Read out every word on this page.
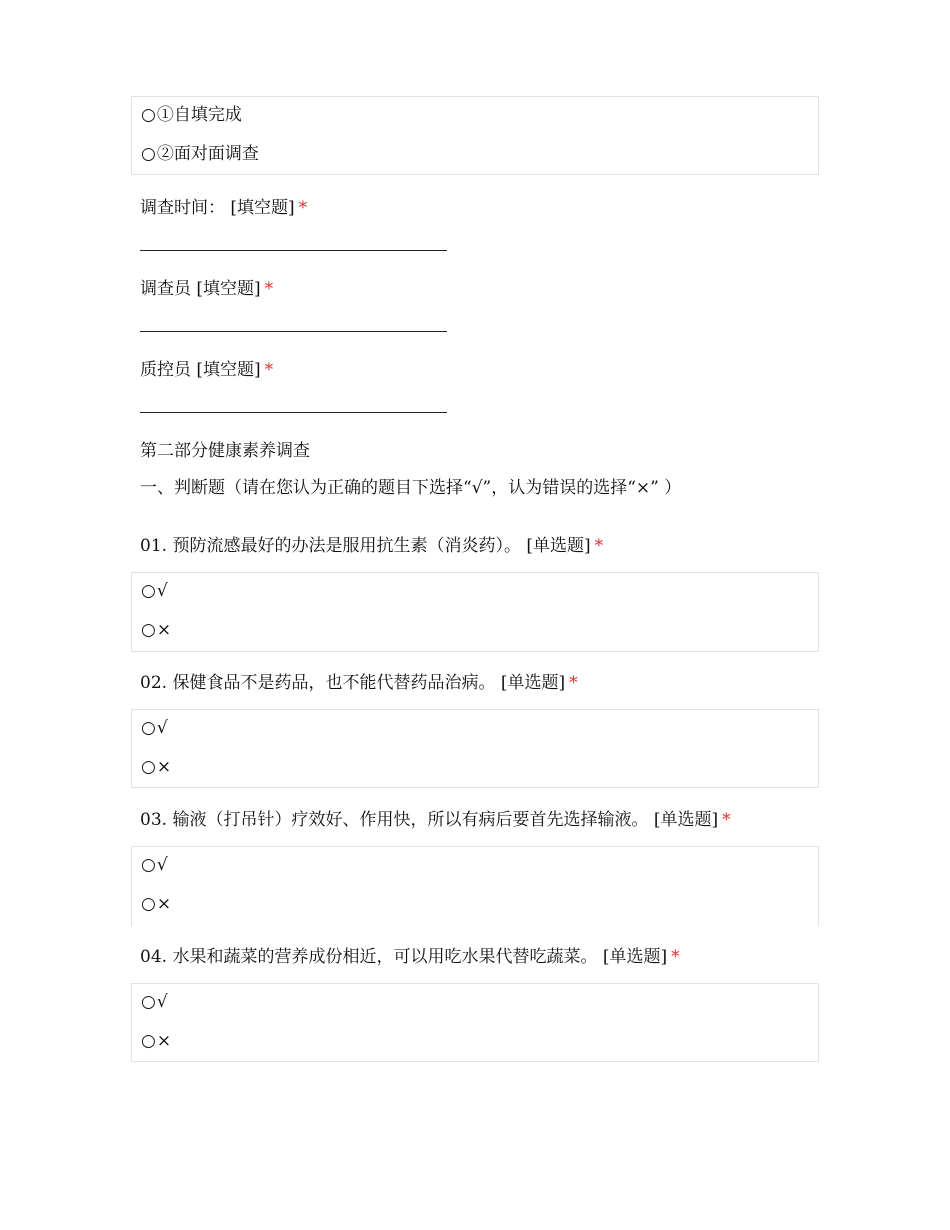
○①自填完成
○②面对面调查
调查时间： [填空题] *
调查员 [填空题] *
质控员 [填空题] *
第二部分健康素养调查
一、判断题（请在您认为正确的题目下选择“√”，认为错误的选择“×” ）
01. 预防流感最好的办法是服用抗生素（消炎药）。 [单选题] *
○√
○×
02. 保健食品不是药品，也不能代替药品治病。 [单选题] *
○√
○×
03. 输液（打吊针）疗效好、作用快，所以有病后要首先选择输液。 [单选题] *
○√
○×
04. 水果和蔬菜的营养成份相近，可以用吃水果代替吃蔬菜。 [单选题] *
○√
○×
